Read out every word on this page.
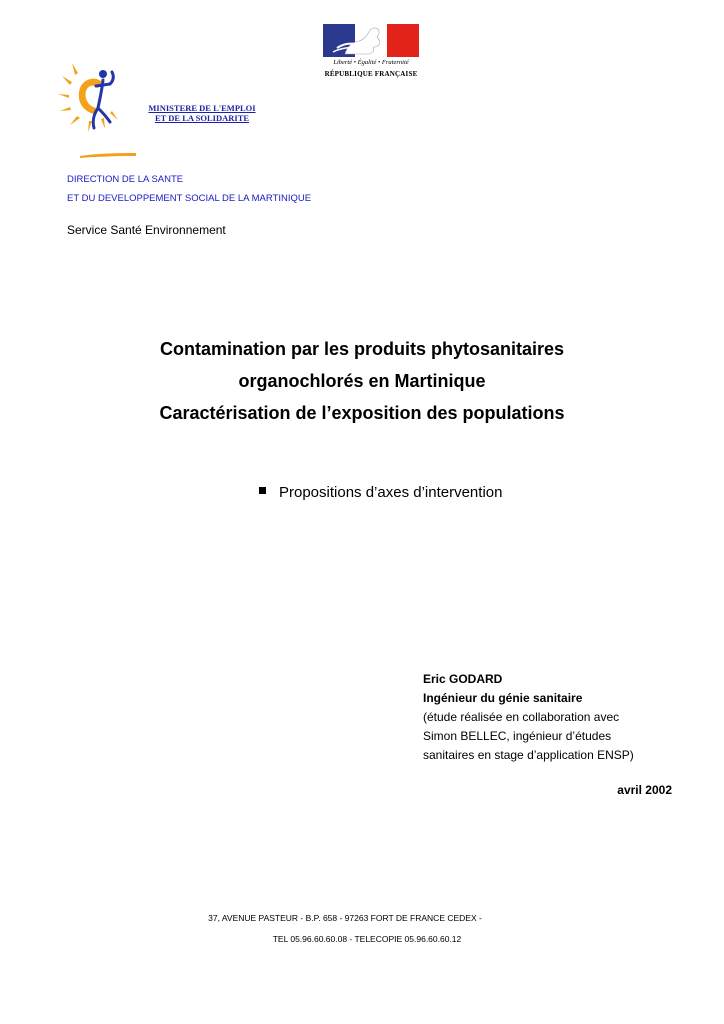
Liberté • Égalité • Fraternité
RÉPUBLIQUE FRANÇAISE
MINISTERE DE L'EMPLOI
ET DE LA SOLIDARITE
DIRECTION DE LA SANTE
ET DU DEVELOPPEMENT SOCIAL DE LA MARTINIQUE
Service Santé Environnement
Contamination par les produits phytosanitaires
organochlorés en Martinique
Caractérisation de l’exposition des populations
Propositions d’axes d’intervention
Eric GODARD
Ingénieur du génie sanitaire
(étude réalisée en collaboration avec
Simon BELLEC, ingénieur d’études
sanitaires en stage d’application ENSP)
avril 2002
37, AVENUE PASTEUR - B.P. 658 - 97263 FORT DE FRANCE CEDEX -
TEL 05.96.60.60.08 - TELECOPIE 05.96.60.60.12
